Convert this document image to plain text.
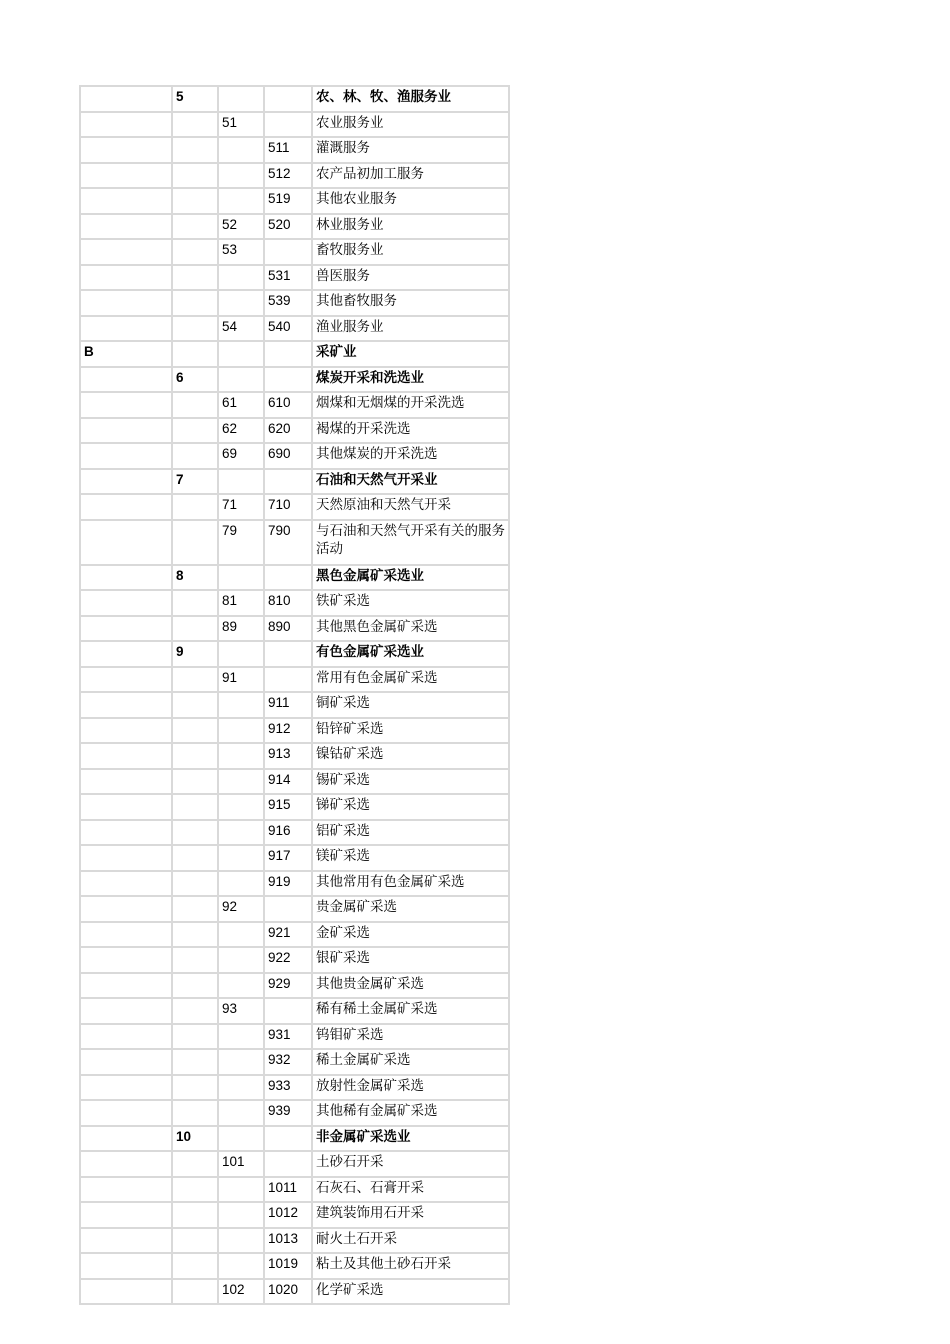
	5			农、林、牧、渔服务业
		51		农业服务业
			511	灌溉服务
			512	农产品初加工服务
			519	其他农业服务
		52	520	林业服务业
		53		畜牧服务业
			531	兽医服务
			539	其他畜牧服务
		54	540	渔业服务业
B				采矿业
	6			煤炭开采和洗选业
		61	610	烟煤和无烟煤的开采洗选
		62	620	褐煤的开采洗选
		69	690	其他煤炭的开采洗选
	7			石油和天然气开采业
		71	710	天然原油和天然气开采
		79	790	与石油和天然气开采有关的服务活动
	8			黑色金属矿采选业
		81	810	铁矿采选
		89	890	其他黑色金属矿采选
	9			有色金属矿采选业
		91		常用有色金属矿采选
			911	铜矿采选
			912	铅锌矿采选
			913	镍钴矿采选
			914	锡矿采选
			915	锑矿采选
			916	铝矿采选
			917	镁矿采选
			919	其他常用有色金属矿采选
		92		贵金属矿采选
			921	金矿采选
			922	银矿采选
			929	其他贵金属矿采选
		93		稀有稀土金属矿采选
			931	钨钼矿采选
			932	稀土金属矿采选
			933	放射性金属矿采选
			939	其他稀有金属矿采选
	10			非金属矿采选业
		101		土砂石开采
			1011	石灰石、石膏开采
			1012	建筑装饰用石开采
			1013	耐火土石开采
			1019	粘土及其他土砂石开采
		102	1020	化学矿采选
